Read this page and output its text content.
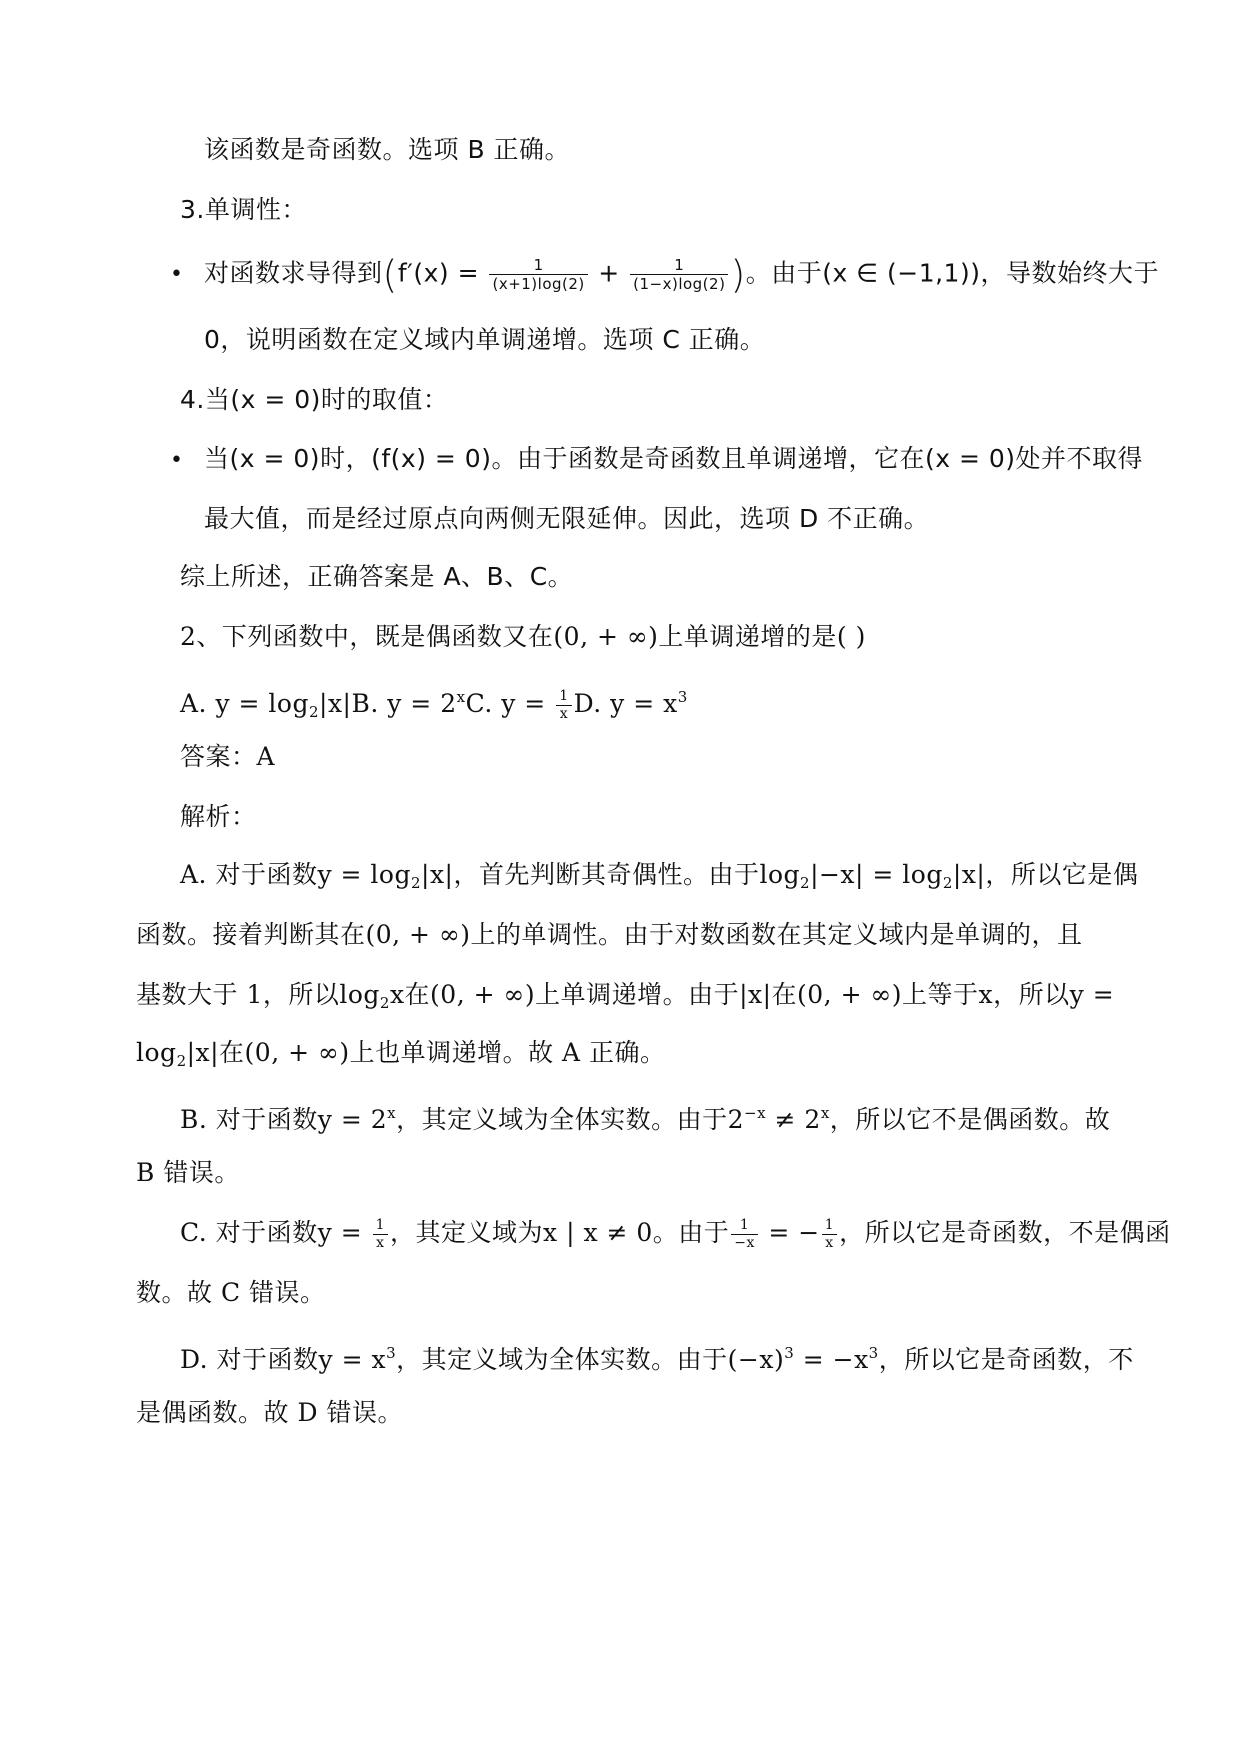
该函数是奇函数。选项 B 正确。
3.单调性：
• 对函数求导得到($f'(x) = \frac{1}{(x+1)\log(2)} + \frac{1}{(1-x)\log(2)}$ )。由于(x ∈ (−1,1))，导数始终大于
0，说明函数在定义域内单调递增。选项 C 正确。
4.当(x = 0)时的取值：
• 当(x = 0)时，(f(x) = 0)。由于函数是奇函数且单调递增，它在(x = 0)处并不取得
最大值，而是经过原点向两侧无限延伸。因此，选项 D 不正确。
综上所述，正确答案是 A、B、C。
2、下列函数中，既是偶函数又在(0, + ∞)上单调递增的是( )
A. $y = \log_2|x|B$. $y = 2^xC$. $y = \frac{1}{x} D$. $y = x^3$
答案：A
解析：
A. 对于函数$y = \log_2|x|$，首先判断其奇偶性。由于$\log_2|-x| = \log_2|x|$，所以它是偶
函数。接着判断其在(0, + ∞)上的单调性。由于对数函数在其定义域内是单调的，且
基数大于 1，所以$\log_2x$在(0, + ∞)上单调递增。由于|x|在(0, + ∞)上等于x，所以y =
$\log_2|x|$在(0, + ∞)上也单调递增。故 A 正确。
B. 对于函数$y = 2^x$，其定义域为全体实数。由于$2^{-x} \ne 2^x$，所以它不是偶函数。故
B 错误。
C. 对于函数$y = \frac{1}{x}$ ，其定义域为x | x ≠ 0。由于 $\frac{1}{-x}$ = − $\frac{1}{x}$ ，所以它是奇函数，不是偶函
数。故 C 错误。
D. 对于函数$y = x^3$，其定义域为全体实数。由于$(-x)^3 = -x^3$，所以它是奇函数，不
是偶函数。故 D 错误。
